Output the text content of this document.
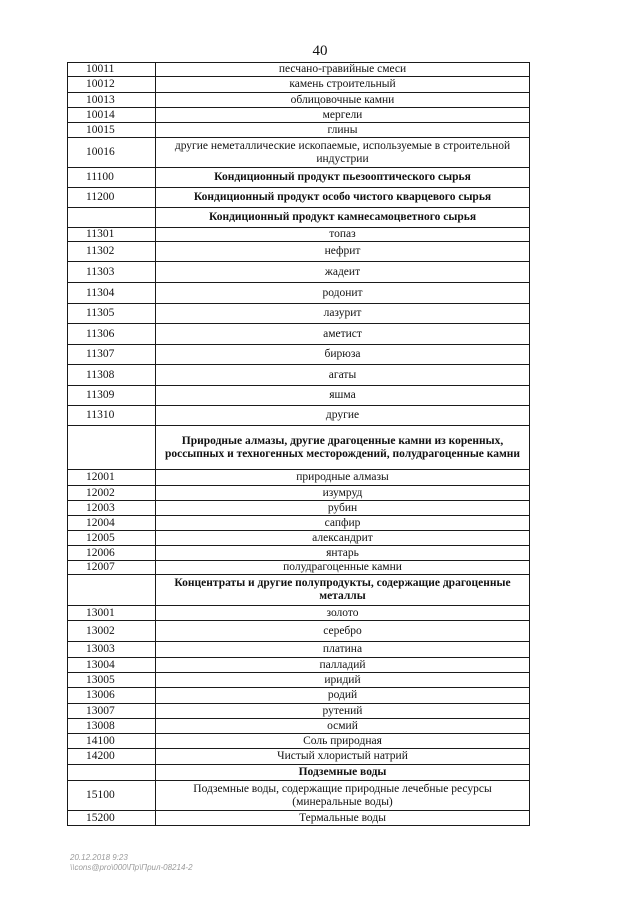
40
10011	песчано-гравийные смеси
10012	камень строительный
10013	облицовочные камни
10014	мергели
10015	глины
10016	другие неметаллические ископаемые, используемые в строительной индустрии
11100	Кондиционный продукт пьезооптического сырья
11200	Кондиционный продукт особо чистого кварцевого сырья
	Кондиционный продукт камнесамоцветного сырья
11301	топаз
11302	нефрит
11303	жадеит
11304	родонит
11305	лазурит
11306	аметист
11307	бирюза
11308	агаты
11309	яшма
11310	другие
	Природные алмазы, другие драгоценные камни из коренных, россыпных и техногенных месторождений, полудрагоценные камни
12001	природные алмазы
12002	изумруд
12003	рубин
12004	сапфир
12005	александрит
12006	янтарь
12007	полудрагоценные камни
	Концентраты и другие полупродукты, содержащие драгоценные металлы
13001	золото
13002	серебро
13003	платина
13004	палладий
13005	иридий
13006	родий
13007	рутений
13008	осмий
14100	Соль природная
14200	Чистый хлористый натрий
	Подземные воды
15100	Подземные воды, содержащие природные лечебные ресурсы (минеральные воды)
15200	Термальные воды
20.12.2018 9:23
\\cons@pro\000\Пр\Прил-08214-2
